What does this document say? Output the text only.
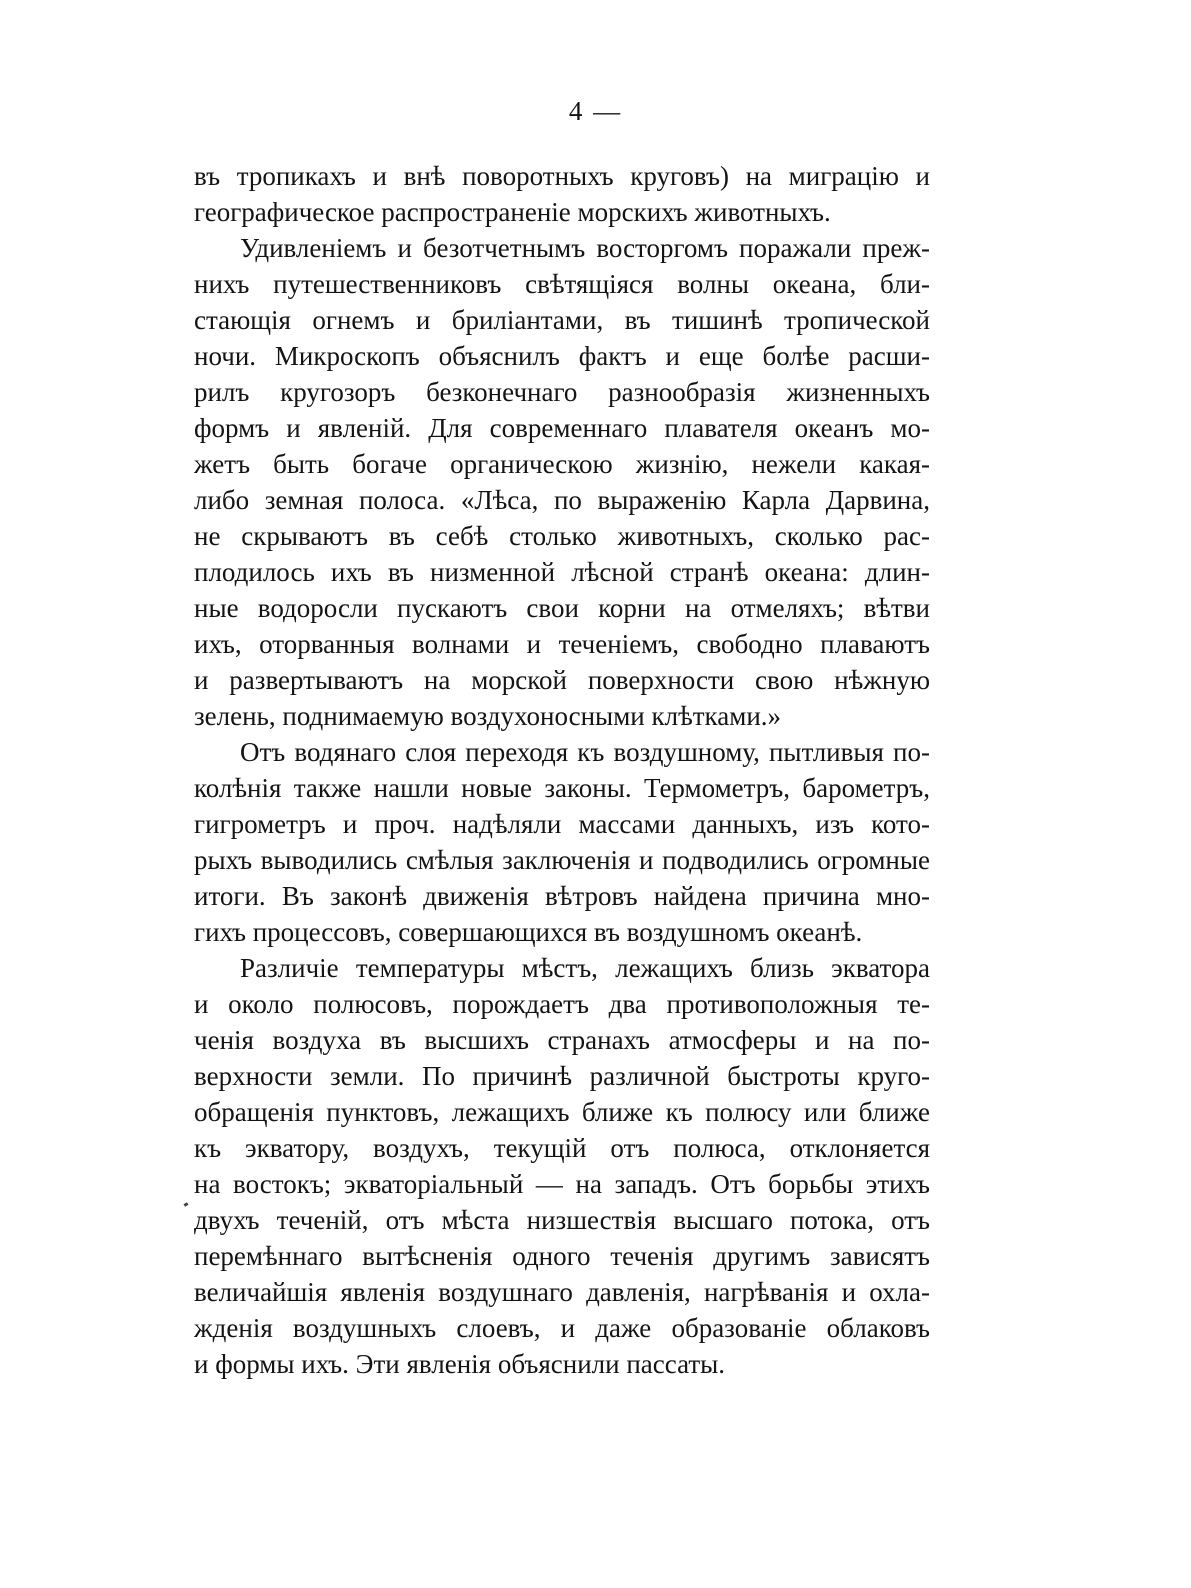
4 —
въ тропикахъ и внѣ поворотныхъ круговъ) на миграцію и
географическое распространеніе морскихъ животныхъ.
Удивленіемъ и безотчетнымъ восторгомъ поражали преж-
нихъ путешественниковъ свѣтящіяся волны океана, бли-
стающія огнемъ и бриліантами, въ тишинѣ тропической
ночи. Микроскопъ объяснилъ фактъ и еще болѣе расши-
рилъ кругозоръ безконечнаго разнообразія жизненныхъ
формъ и явленій. Для современнаго плавателя океанъ мо-
жетъ быть богаче органическою жизнію, нежели какая-
либо земная полоса. «Лѣса, по выраженію Карла Дарвина,
не скрываютъ въ себѣ столько животныхъ, сколько рас-
плодилось ихъ въ низменной лѣсной странѣ океана: длин-
ные водоросли пускаютъ свои корни на отмеляхъ; вѣтви
ихъ, оторванныя волнами и теченіемъ, свободно плаваютъ
и развертываютъ на морской поверхности свою нѣжную
зелень, поднимаемую воздухоносными клѣтками.»
Отъ водянаго слоя переходя къ воздушному, пытливыя по-
колѣнія также нашли новые законы. Термометръ, барометръ,
гигрометръ и проч. надѣляли массами данныхъ, изъ кото-
рыхъ выводились смѣлыя заключенія и подводились огромные
итоги. Въ законѣ движенія вѣтровъ найдена причина мно-
гихъ процессовъ, совершающихся въ воздушномъ океанѣ.
Различіе температуры мѣстъ, лежащихъ близь экватора
и около полюсовъ, порождаетъ два противоположныя те-
ченія воздуха въ высшихъ странахъ атмосферы и на по-
верхности земли. По причинѣ различной быстроты круго-
обращенія пунктовъ, лежащихъ ближе къ полюсу или ближе
къ экватору, воздухъ, текущій отъ полюса, отклоняется
на востокъ; экваторіальный — на западъ. Отъ борьбы этихъ
двухъ теченій, отъ мѣста низшествія высшаго потока, отъ
перемѣннаго вытѣсненія одного теченія другимъ зависятъ
величайшія явленія воздушнаго давленія, нагрѣванія и охла-
жденія воздушныхъ слоевъ, и даже образованіе облаковъ
и формы ихъ. Эти явленія объяснили пассаты.
